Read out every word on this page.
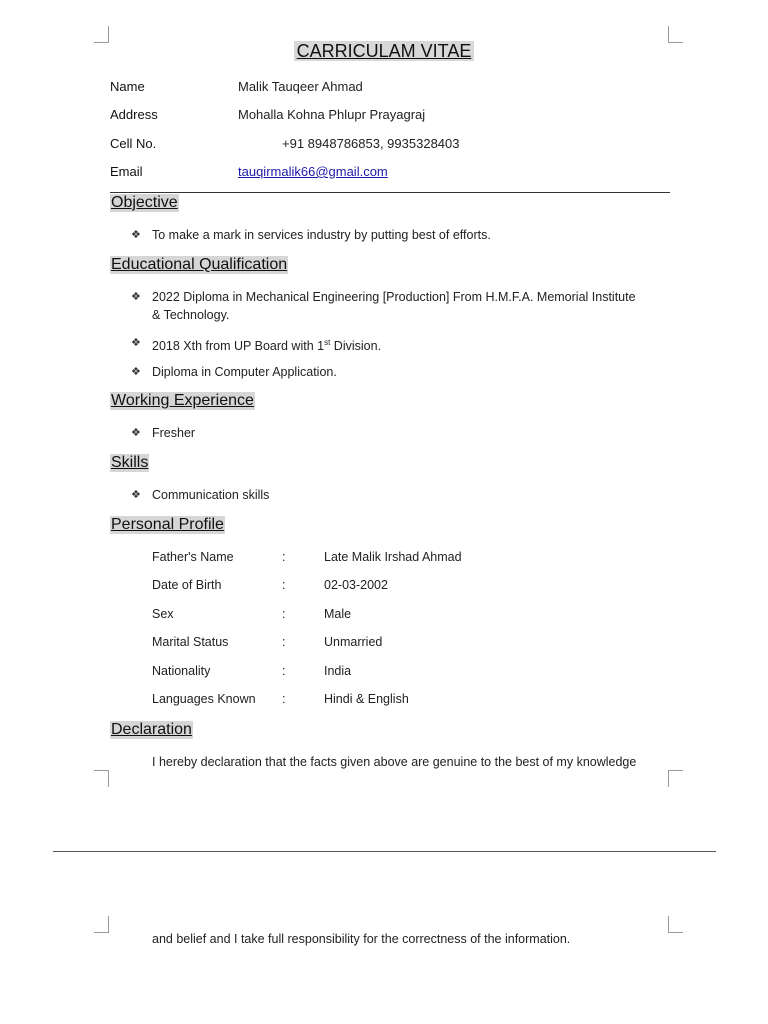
CARRICULAM VITAE
Name	Malik Tauqeer Ahmad
Address	Mohalla Kohna Phlupr Prayagraj
Cell No.	+91 8948786853, 9935328403
Email	tauqirmalik66@gmail.com
Objective
❖ To make a mark in services industry by putting best of efforts.
Educational Qualification
❖ 2022 Diploma in Mechanical Engineering [Production] From H.M.F.A. Memorial Institute
& Technology.
❖ 2018 Xth from UP Board with 1st Division.
❖ Diploma in Computer Application.
Working Experience
❖ Fresher
Skills
❖ Communication skills
Personal Profile
Father's Name	:	Late Malik Irshad Ahmad
Date of Birth	:	02-03-2002
Sex	:	Male
Marital Status	:	Unmarried
Nationality	:	India
Languages Known :	Hindi & English
Declaration
I hereby declaration that the facts given above are genuine to the best of my knowledge
and belief and I take full responsibility for the correctness of the information.
